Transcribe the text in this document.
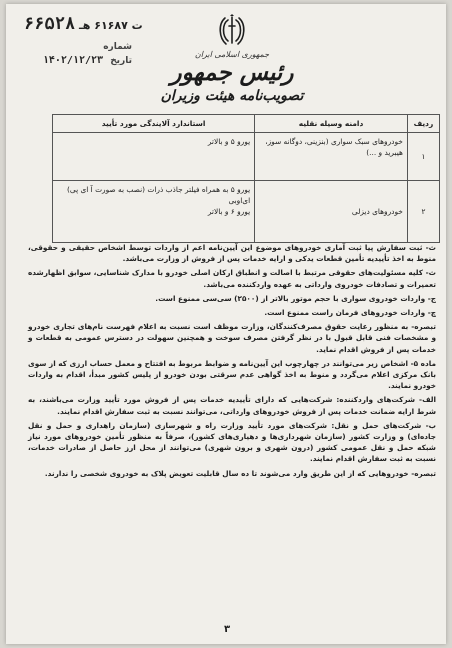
۶۶۵۲۸ ت ۶۱۶۸۷ هـ
شماره
تاریخ ۱۴۰۲/۱۲/۲۳
جمهوری اسلامی ایران
رئیس جمهور
تصویب‌نامه هیئت وزیران
ردیف	دامنه وسیله نقلیه	استاندارد آلایندگی مورد تأیید
۱	خودروهای سبک سواری (بنزینی، دوگانه سوز، هیبرید و ...)	یورو ۵ و بالاتر
۲	خودروهای دیزلی	یورو ۵ به همراه فیلتر جاذب ذرات (نصب به صورت آ ای پی) ای‌اوبی
یورو ۶ و بالاتر

ث- ثبت سفارش پیا ثبت آماری خودروهای موضوع این آیین‌نامه اعم از واردات توسط اشخاص حقیقی و حقوقی، منوط به اخذ تأییدیه تأمین قطعات یدکی و ارایه خدمات پس از فروش از وزارت می‌باشد.

ث- کلیه مسئولیت‌های حقوقی مرتبط با اصالت و انطباق ارکان اصلی خودرو با مدارک شناسایی، سوابق اظهارشده تعمیرات و تصادفات خودروی وارداتی به عهده واردکننده می‌باشد.

ج- واردات خودروی سواری با حجم موتور بالاتر از (۲۵۰۰) سی‌سی ممنوع است.

چ- واردات خودروهای فرمان راست ممنوع است.

تبصره- به منظور رعایت حقوق مصرف‌کنندگان، وزارت موظف است نسبت به اعلام فهرست نام‌های تجاری خودرو و مشخصات فنی قابل قبول با در نظر گرفتن مصرف سوخت و همچنین سهولت در دسترس عمومی به قطعات و خدمات پس از فروش اقدام نماید.

ماده ۵- اشخاص زیر می‌توانند در چهارچوب این آیین‌نامه و ضوابط مربوط به افتتاح و معمل حساب ارزی که از سوی بانک مرکزی اعلام می‌گردد و منوط به اخذ گواهی عدم سرقتی بودن خودرو از پلیس کشور مبدأ، اقدام به واردات خودرو نمایند.

الف- شرکت‌های واردکننده: شرکت‌هایی که دارای تأییدیه خدمات پس از فروش مورد تأیید وزارت می‌باشند، به شرط ارایه ضمانت خدمات پس از فروش خودروهای وارداتی، می‌توانند نسبت به ثبت سفارش اقدام نمایند.

ب- شرکت‌های حمل و نقل: شرکت‌های مورد تأیید وزارت راه و شهرسازی (سازمان راهداری و حمل و نقل جاده‌ای) و وزارت کشور (سازمان شهرداری‌ها و دهیاری‌های کشور)، صرفاً به منظور تأمین خودروهای مورد نیاز شبکه حمل و نقل عمومی کشور (درون شهری و برون شهری) می‌توانند از محل ارز حاصل از صادرات خدمات، نسبت به ثبت سفارش اقدام نمایند.

تبصره- خودروهایی که از این طریق وارد می‌شوند تا ده سال قابلیت تعویض پلاک به خودروی شخصی را ندارند.

۳
